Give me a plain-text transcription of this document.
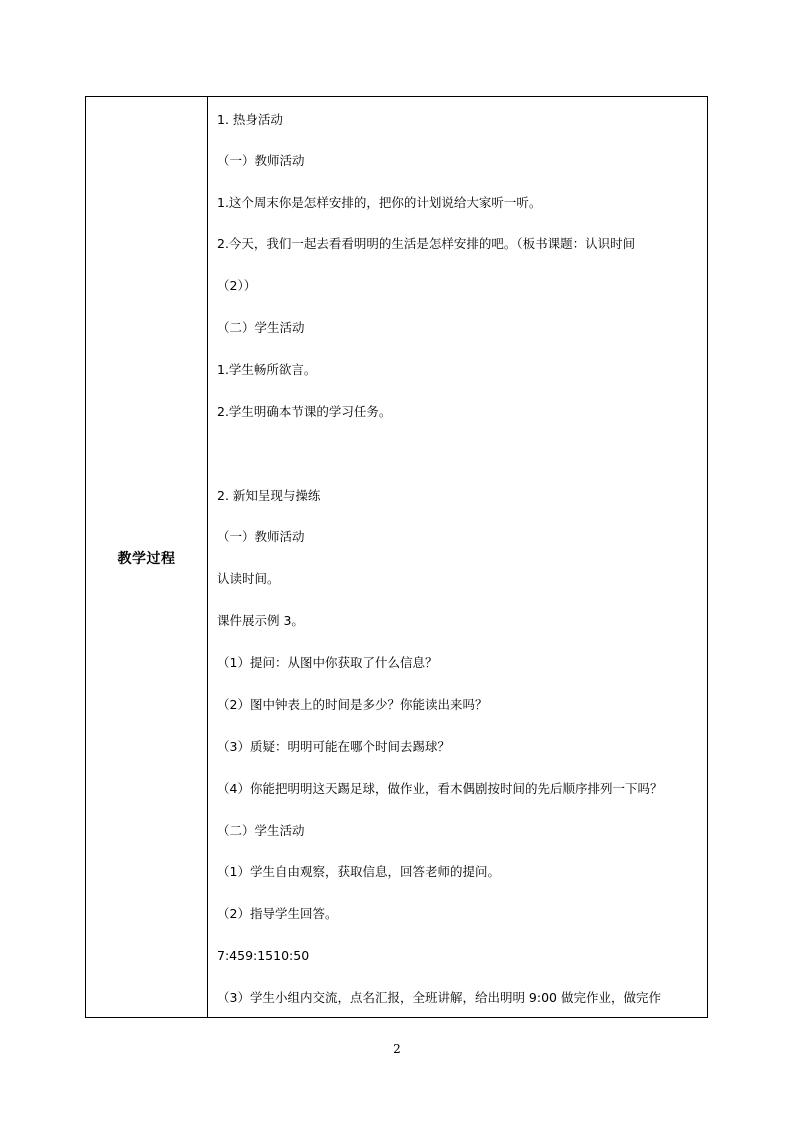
教学过程
1. 热身活动
（一）教师活动
1.这个周末你是怎样安排的，把你的计划说给大家听一听。
2.今天，我们一起去看看明明的生活是怎样安排的吧。（板书课题：认识时间
（2））
（二）学生活动
1.学生畅所欲言。
2.学生明确本节课的学习任务。
2. 新知呈现与操练
（一）教师活动
认读时间。
课件展示例 3。
（1）提问：从图中你获取了什么信息？
（2）图中钟表上的时间是多少？你能读出来吗？
（3）质疑：明明可能在哪个时间去踢球？
（4）你能把明明这天踢足球，做作业，看木偶剧按时间的先后顺序排列一下吗？
（二）学生活动
（1）学生自由观察，获取信息，回答老师的提问。
（2）指导学生回答。
7:459:1510:50
（3）学生小组内交流，点名汇报，全班讲解，给出明明 9:00 做完作业，做完作
2
